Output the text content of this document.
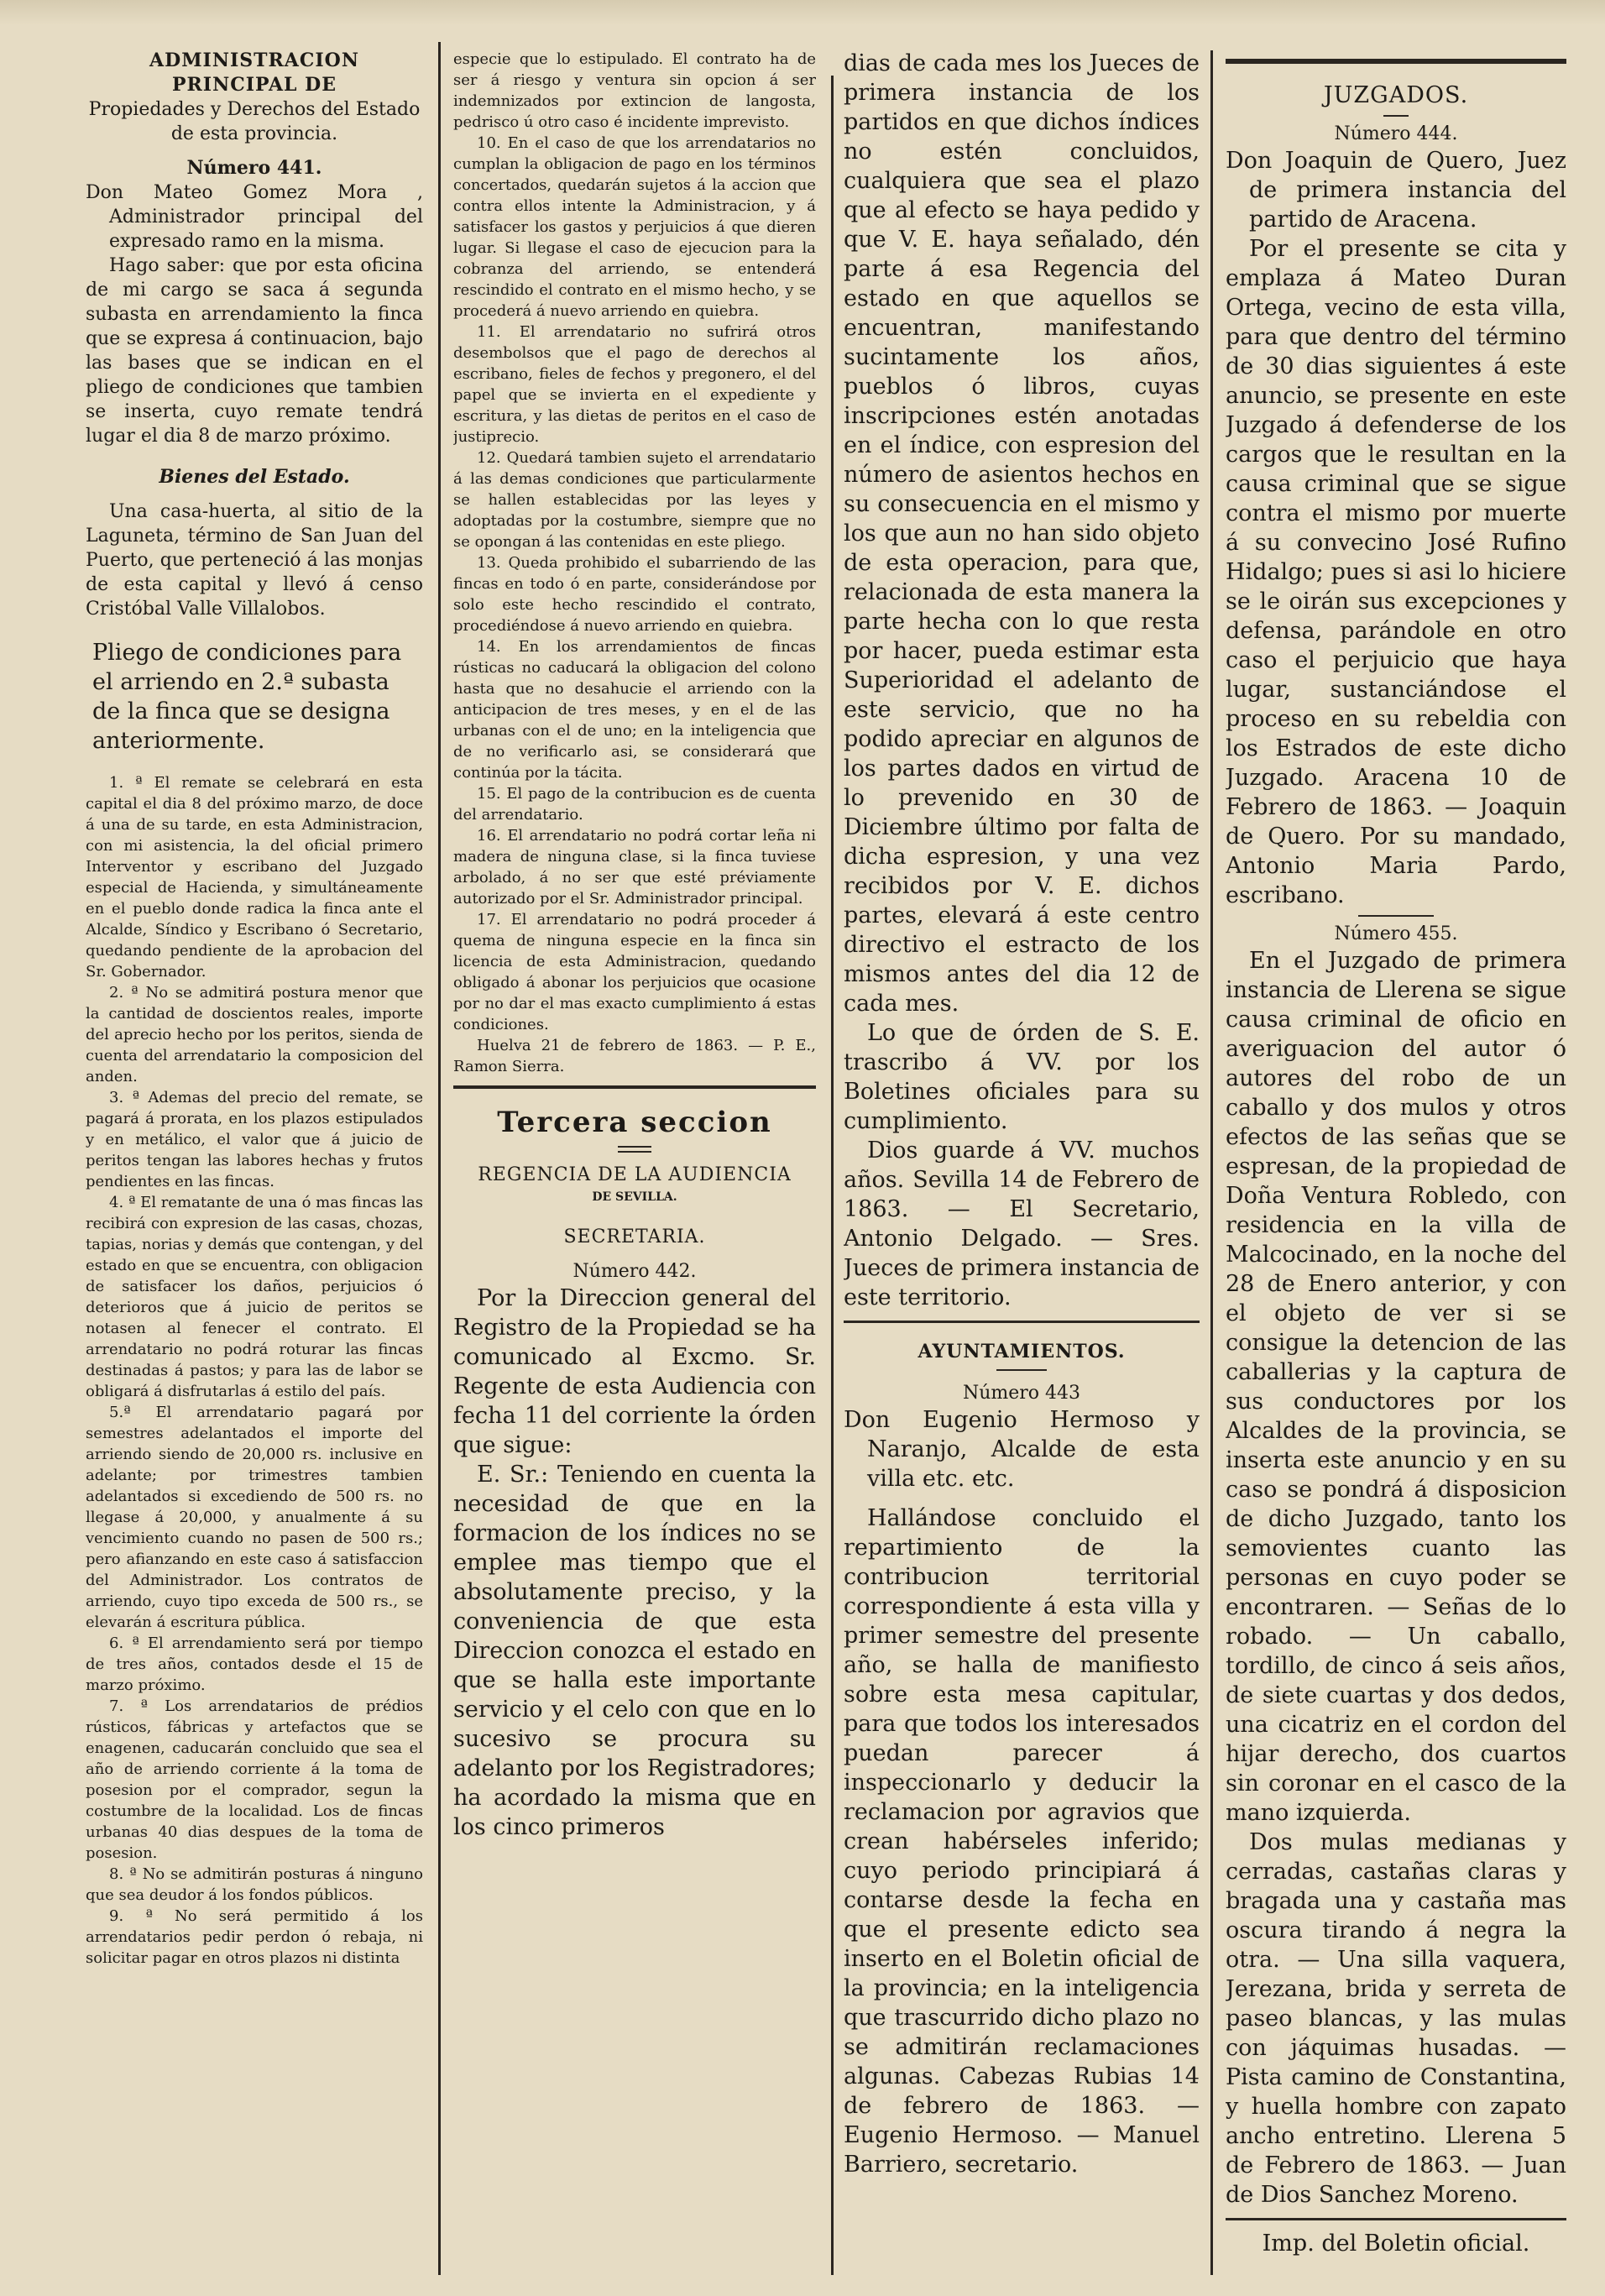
ADMINISTRACION PRINCIPAL DE

Propiedades y Derechos del Estado de esta provincia.

Número 441.

Don Mateo Gomez Mora , Administrador principal del expresado ramo en la misma.

Hago saber: que por esta oficina de mi cargo se saca á segunda subasta en arrendamiento la finca que se expresa á continuacion, bajo las bases que se indican en el pliego de condiciones que tambien se inserta, cuyo remate tendrá lugar el dia 8 de marzo próximo.

Bienes del Estado.

Una casa-huerta, al sitio de la Laguneta, término de San Juan del Puerto, que perteneció á las monjas de esta capital y llevó á censo Cristóbal Valle Villalobos.

Pliego de condiciones para el arriendo en 2.ª subasta de la finca que se designa anteriormente.

1. ª El remate se celebrará en esta capital el dia 8 del próximo marzo, de doce á una de su tarde, en esta Administracion, con mi asistencia, la del oficial primero Interventor y escribano del Juzgado especial de Hacienda, y simultáneamente en el pueblo donde radica la finca ante el Alcalde, Síndico y Escribano ó Secretario, quedando pendiente de la aprobacion del Sr. Gobernador.

2. ª No se admitirá postura menor que la cantidad de doscientos reales, importe del aprecio hecho por los peritos, sienda de cuenta del arrendatario la composicion del anden.

3. ª Ademas del precio del remate, se pagará á prorata, en los plazos estipulados y en metálico, el valor que á juicio de peritos tengan las labores hechas y frutos pendientes en las fincas.

4. ª El rematante de una ó mas fincas las recibirá con expresion de las casas, chozas, tapias, norias y demás que contengan, y del estado en que se encuentra, con obligacion de satisfacer los daños, perjuicios ó deterioros que á juicio de peritos se notasen al fenecer el contrato. El arrendatario no podrá roturar las fincas destinadas á pastos; y para las de labor se obligará á disfrutarlas á estilo del país.

5.ª El arrendatario pagará por semestres adelantados el importe del arriendo siendo de 20,000 rs. inclusive en adelante; por trimestres tambien adelantados si excediendo de 500 rs. no llegase á 20,000, y anualmente á su vencimiento cuando no pasen de 500 rs.; pero afianzando en este caso á satisfaccion del Administrador. Los contratos de arriendo, cuyo tipo exceda de 500 rs., se elevarán á escritura pública.

6. ª El arrendamiento será por tiempo de tres años, contados desde el 15 de marzo próximo.

7. ª Los arrendatarios de prédios rústicos, fábricas y artefactos que se enagenen, caducarán concluido que sea el año de arriendo corriente á la toma de posesion por el comprador, segun la costumbre de la localidad. Los de fincas urbanas 40 dias despues de la toma de posesion.

8. ª No se admitirán posturas á ninguno que sea deudor á los fondos públicos.

9. ª No será permitido á los arrendatarios pedir perdon ó rebaja, ni solicitar pagar en otros plazos ni distinta

especie que lo estipulado. El contrato ha de ser á riesgo y ventura sin opcion á ser indemnizados por extincion de langosta, pedrisco ú otro caso é incidente imprevisto.

10. En el caso de que los arrendatarios no cumplan la obligacion de pago en los términos concertados, quedarán sujetos á la accion que contra ellos intente la Administracion, y á satisfacer los gastos y perjuicios á que dieren lugar. Si llegase el caso de ejecucion para la cobranza del arriendo, se entenderá rescindido el contrato en el mismo hecho, y se procederá á nuevo arriendo en quiebra.

11. El arrendatario no sufrirá otros desembolsos que el pago de derechos al escribano, fieles de fechos y pregonero, el del papel que se invierta en el expediente y escritura, y las dietas de peritos en el caso de justiprecio.

12. Quedará tambien sujeto el arrendatario á las demas condiciones que particularmente se hallen establecidas por las leyes y adoptadas por la costumbre, siempre que no se opongan á las contenidas en este pliego.

13. Queda prohibido el subarriendo de las fincas en todo ó en parte, considerándose por solo este hecho rescindido el contrato, procediéndose á nuevo arriendo en quiebra.

14. En los arrendamientos de fincas rústicas no caducará la obligacion del colono hasta que no desahucie el arriendo con la anticipacion de tres meses, y en el de las urbanas con el de uno; en la inteligencia que de no verificarlo asi, se considerará que continúa por la tácita.

15. El pago de la contribucion es de cuenta del arrendatario.

16. El arrendatario no podrá cortar leña ni madera de ninguna clase, si la finca tuviese arbolado, á no ser que esté préviamente autorizado por el Sr. Administrador principal.

17. El arrendatario no podrá proceder á quema de ninguna especie en la finca sin licencia de esta Administracion, quedando obligado á abonar los perjuicios que ocasione por no dar el mas exacto cumplimiento á estas condiciones.

Huelva 21 de febrero de 1863. — P. E., Ramon Sierra.

Tercera seccion

REGENCIA DE LA AUDIENCIA

DE SEVILLA.

SECRETARIA.

Número 442.

Por la Direccion general del Registro de la Propiedad se ha comunicado al Excmo. Sr. Regente de esta Audiencia con fecha 11 del corriente la órden que sigue:

E. Sr.: Teniendo en cuenta la necesidad de que en la formacion de los índices no se emplee mas tiempo que el absolutamente preciso, y la conveniencia de que esta Direccion conozca el estado en que se halla este importante servicio y el celo con que en lo sucesivo se procura su adelanto por los Registradores; ha acordado la misma que en los cinco primeros

dias de cada mes los Jueces de primera instancia de los partidos en que dichos índices no estén concluidos, cualquiera que sea el plazo que al efecto se haya pedido y que V. E. haya señalado, dén parte á esa Regencia del estado en que aquellos se encuentran, manifestando sucintamente los años, pueblos ó libros, cuyas inscripciones estén anotadas en el índice, con espresion del número de asientos hechos en su consecuencia en el mismo y los que aun no han sido objeto de esta operacion, para que, relacionada de esta manera la parte hecha con lo que resta por hacer, pueda estimar esta Superioridad el adelanto de este servicio, que no ha podido apreciar en algunos de los partes dados en virtud de lo prevenido en 30 de Diciembre último por falta de dicha espresion, y una vez recibidos por V. E. dichos partes, elevará á este centro directivo el estracto de los mismos antes del dia 12 de cada mes.

Lo que de órden de S. E. trascribo á VV. por los Boletines oficiales para su cumplimiento.

Dios guarde á VV. muchos años. Sevilla 14 de Febrero de 1863. — El Secretario, Antonio Delgado. — Sres. Jueces de primera instancia de este territorio.

AYUNTAMIENTOS.

Número 443

Don Eugenio Hermoso y Naranjo, Alcalde de esta villa etc. etc.

Hallándose concluido el repartimiento de la contribucion territorial correspondiente á esta villa y primer semestre del presente año, se halla de manifiesto sobre esta mesa capitular, para que todos los interesados puedan parecer á inspeccionarlo y deducir la reclamacion por agravios que crean habérseles inferido; cuyo periodo principiará á contarse desde la fecha en que el presente edicto sea inserto en el Boletin oficial de la provincia; en la inteligencia que trascurrido dicho plazo no se admitirán reclamaciones algunas. Cabezas Rubias 14 de febrero de 1863. — Eugenio Hermoso. — Manuel Barriero, secretario.

JUZGADOS.

Número 444.

Don Joaquin de Quero, Juez de primera instancia del partido de Aracena.

Por el presente se cita y emplaza á Mateo Duran Ortega, vecino de esta villa, para que dentro del término de 30 dias siguientes á este anuncio, se presente en este Juzgado á defenderse de los cargos que le resultan en la causa criminal que se sigue contra el mismo por muerte á su convecino José Rufino Hidalgo; pues si asi lo hiciere se le oirán sus excepciones y defensa, parándole en otro caso el perjuicio que haya lugar, sustanciándose el proceso en su rebeldia con los Estrados de este dicho Juzgado. Aracena 10 de Febrero de 1863. — Joaquin de Quero. Por su mandado, Antonio Maria Pardo, escribano.

Número 455.

En el Juzgado de primera instancia de Llerena se sigue causa criminal de oficio en averiguacion del autor ó autores del robo de un caballo y dos mulos y otros efectos de las señas que se espresan, de la propiedad de Doña Ventura Robledo, con residencia en la villa de Malcocinado, en la noche del 28 de Enero anterior, y con el objeto de ver si se consigue la detencion de las caballerias y la captura de sus conductores por los Alcaldes de la provincia, se inserta este anuncio y en su caso se pondrá á disposicion de dicho Juzgado, tanto los semovientes cuanto las personas en cuyo poder se encontraren. — Señas de lo robado. — Un caballo, tordillo, de cinco á seis años, de siete cuartas y dos dedos, una cicatriz en el cordon del hijar derecho, dos cuartos sin coronar en el casco de la mano izquierda.

Dos mulas medianas y cerradas, castañas claras y bragada una y castaña mas oscura tirando á negra la otra. — Una silla vaquera, Jerezana, brida y serreta de paseo blancas, y las mulas con jáquimas husadas. — Pista camino de Constantina, y huella hombre con zapato ancho entretino. Llerena 5 de Febrero de 1863. — Juan de Dios Sanchez Moreno.

Imp. del Boletin oficial.
